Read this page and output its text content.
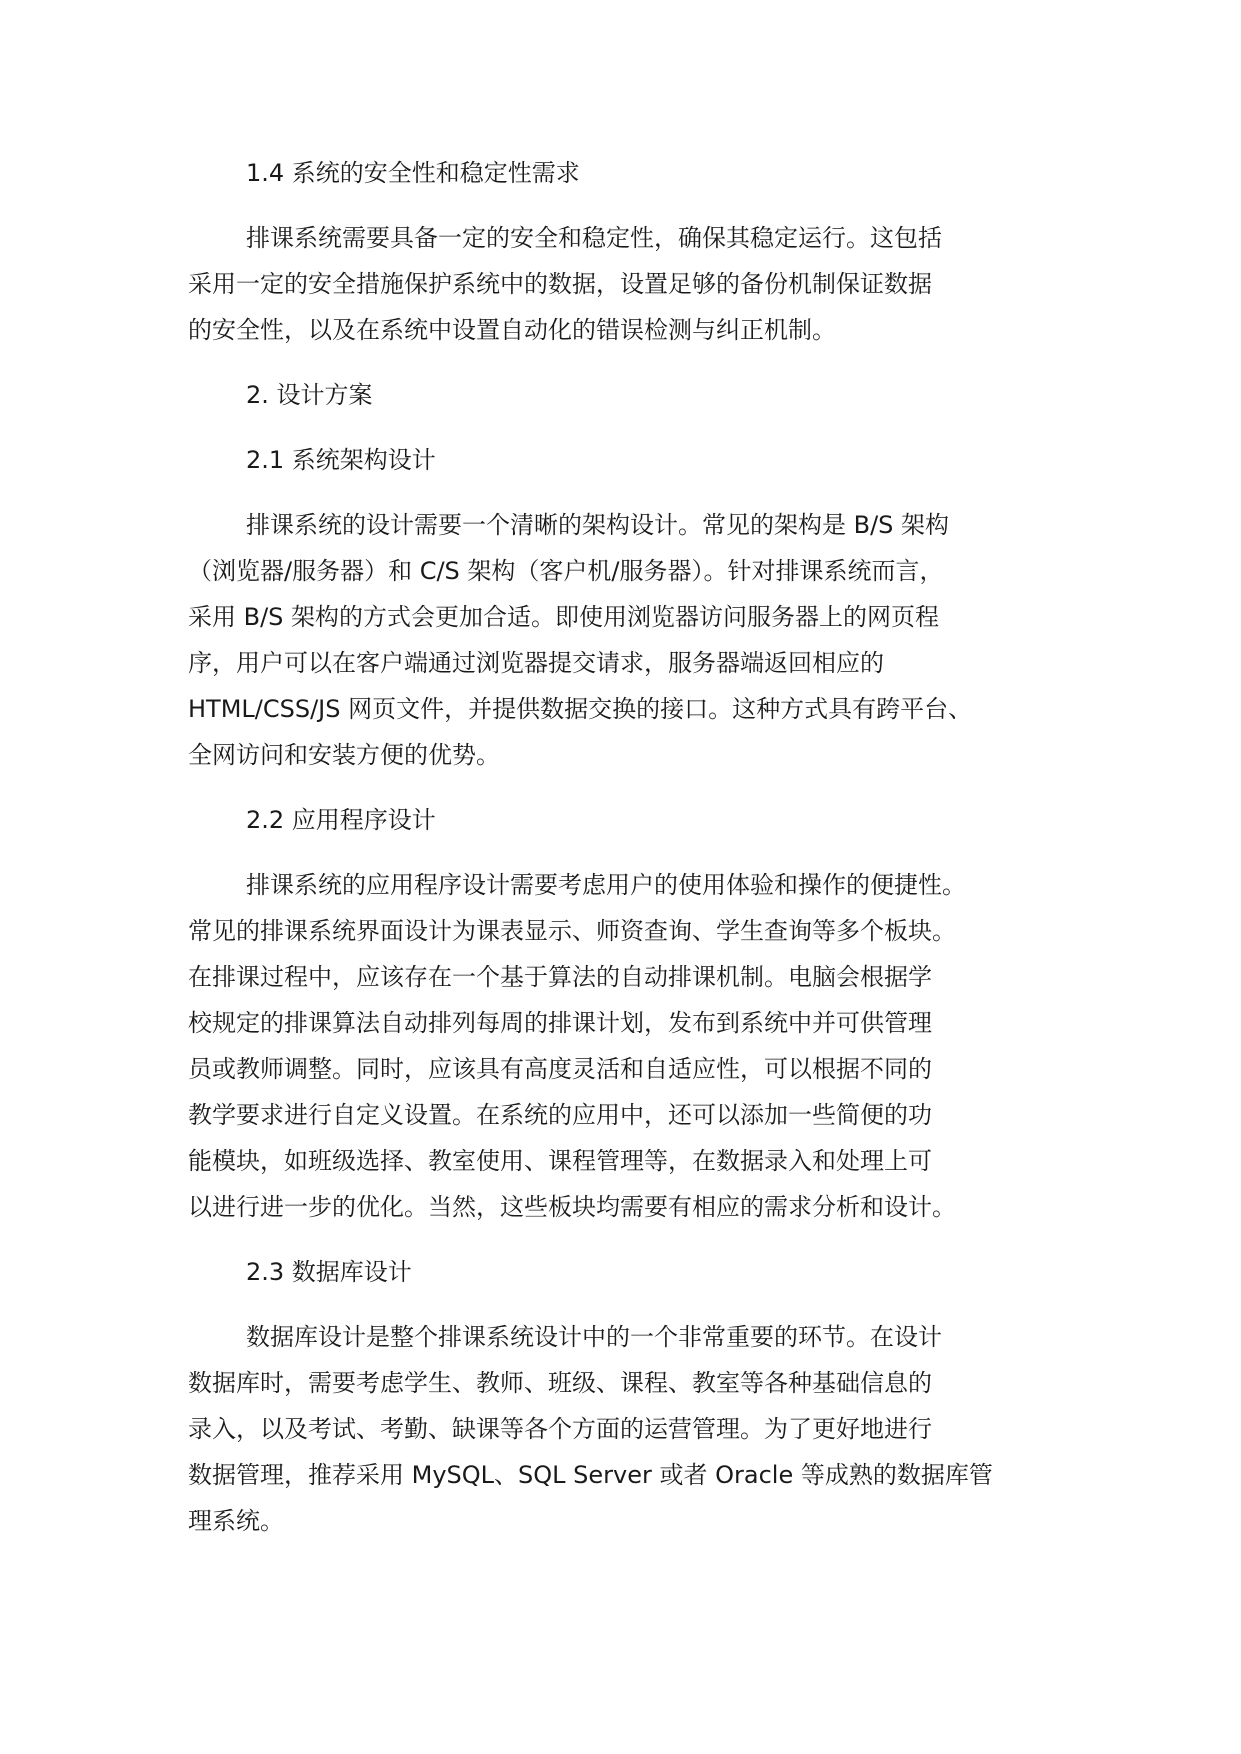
1.4 系统的安全性和稳定性需求
排课系统需要具备一定的安全和稳定性，确保其稳定运行。这包括
采用一定的安全措施保护系统中的数据，设置足够的备份机制保证数据
的安全性，以及在系统中设置自动化的错误检测与纠正机制。
2. 设计方案
2.1 系统架构设计
排课系统的设计需要一个清晰的架构设计。常见的架构是 B/S 架构
（浏览器/服务器）和 C/S 架构（客户机/服务器）。针对排课系统而言，
采用 B/S 架构的方式会更加合适。即使用浏览器访问服务器上的网页程
序，用户可以在客户端通过浏览器提交请求，服务器端返回相应的
HTML/CSS/JS 网页文件，并提供数据交换的接口。这种方式具有跨平台、
全网访问和安装方便的优势。
2.2 应用程序设计
排课系统的应用程序设计需要考虑用户的使用体验和操作的便捷性。
常见的排课系统界面设计为课表显示、师资查询、学生查询等多个板块。
在排课过程中，应该存在一个基于算法的自动排课机制。电脑会根据学
校规定的排课算法自动排列每周的排课计划，发布到系统中并可供管理
员或教师调整。同时，应该具有高度灵活和自适应性，可以根据不同的
教学要求进行自定义设置。在系统的应用中，还可以添加一些简便的功
能模块，如班级选择、教室使用、课程管理等，在数据录入和处理上可
以进行进一步的优化。当然，这些板块均需要有相应的需求分析和设计。
2.3 数据库设计
数据库设计是整个排课系统设计中的一个非常重要的环节。在设计
数据库时，需要考虑学生、教师、班级、课程、教室等各种基础信息的
录入，以及考试、考勤、缺课等各个方面的运营管理。为了更好地进行
数据管理，推荐采用 MySQL、SQL Server 或者 Oracle 等成熟的数据库管
理系统。
